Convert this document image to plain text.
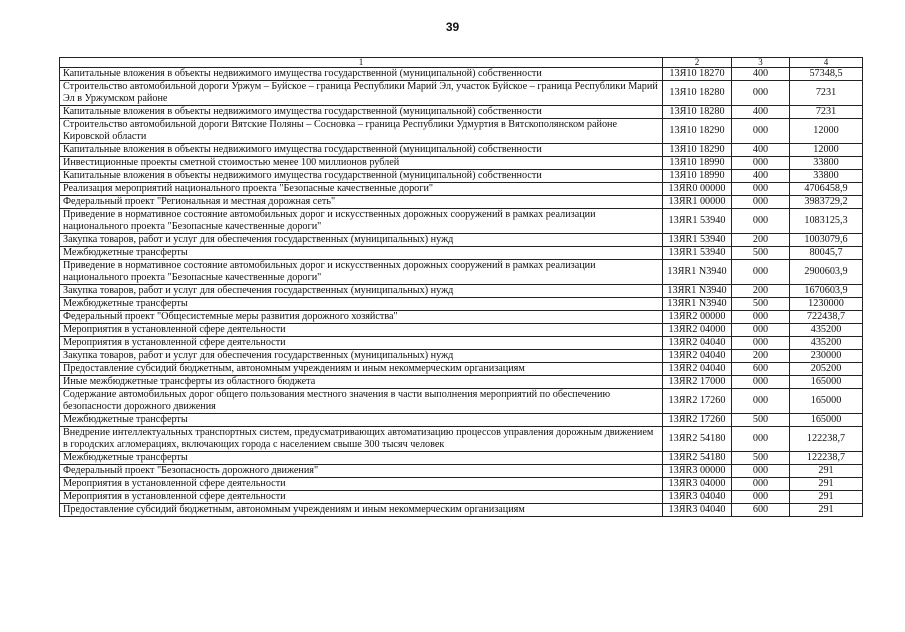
39
1	2	3	4
Капитальные вложения в объекты недвижимого имущества государственной (муниципальной) собственности	13Я10 18270	400	57348,5
Строительство автомобильной дороги Уржум – Буйское – граница Республики Марий Эл, участок Буйское – граница Республики Марий Эл в Уржумском районе	13Я10 18280	000	7231
Капитальные вложения в объекты недвижимого имущества государственной (муниципальной) собственности	13Я10 18280	400	7231
Строительство автомобильной дороги Вятские Поляны – Сосновка – граница Республики Удмуртия в Вятскополянском районе Кировской области	13Я10 18290	000	12000
Капитальные вложения в объекты недвижимого имущества государственной (муниципальной) собственности	13Я10 18290	400	12000
Инвестиционные проекты сметной стоимостью менее 100 миллионов рублей	13Я10 18990	000	33800
Капитальные вложения в объекты недвижимого имущества государственной (муниципальной) собственности	13Я10 18990	400	33800
Реализация мероприятий национального проекта "Безопасные качественные дороги"	13ЯR0 00000	000	4706458,9
Федеральный проект "Региональная и местная дорожная сеть"	13ЯR1 00000	000	3983729,2
Приведение в нормативное состояние автомобильных дорог и искусственных дорожных сооружений в рамках реализации национального проекта "Безопасные качественные дороги"	13ЯR1 53940	000	1083125,3
Закупка товаров, работ и услуг для обеспечения государственных (муниципальных) нужд	13ЯR1 53940	200	1003079,6
Межбюджетные трансферты	13ЯR1 53940	500	80045,7
Приведение в нормативное состояние автомобильных дорог и искусственных дорожных сооружений в рамках реализации национального проекта "Безопасные качественные дороги"	13ЯR1 N3940	000	2900603,9
Закупка товаров, работ и услуг для обеспечения государственных (муниципальных) нужд	13ЯR1 N3940	200	1670603,9
Межбюджетные трансферты	13ЯR1 N3940	500	1230000
Федеральный проект "Общесистемные меры развития дорожного хозяйства"	13ЯR2 00000	000	722438,7
Мероприятия в установленной сфере деятельности	13ЯR2 04000	000	435200
Мероприятия в установленной сфере деятельности	13ЯR2 04040	000	435200
Закупка товаров, работ и услуг для обеспечения государственных (муниципальных) нужд	13ЯR2 04040	200	230000
Предоставление субсидий бюджетным, автономным учреждениям и иным некоммерческим организациям	13ЯR2 04040	600	205200
Иные межбюджетные трансферты из областного бюджета	13ЯR2 17000	000	165000
Содержание автомобильных дорог общего пользования местного значения в части выполнения мероприятий по обеспечению безопасности дорожного движения	13ЯR2 17260	000	165000
Межбюджетные трансферты	13ЯR2 17260	500	165000
Внедрение интеллектуальных транспортных систем, предусматривающих автоматизацию процессов управления дорожным движением в городских агломерациях, включающих города с населением свыше 300 тысяч человек	13ЯR2 54180	000	122238,7
Межбюджетные трансферты	13ЯR2 54180	500	122238,7
Федеральный проект "Безопасность дорожного движения"	13ЯR3 00000	000	291
Мероприятия в установленной сфере деятельности	13ЯR3 04000	000	291
Мероприятия в установленной сфере деятельности	13ЯR3 04040	000	291
Предоставление субсидий бюджетным, автономным учреждениям и иным некоммерческим организациям	13ЯR3 04040	600	291
